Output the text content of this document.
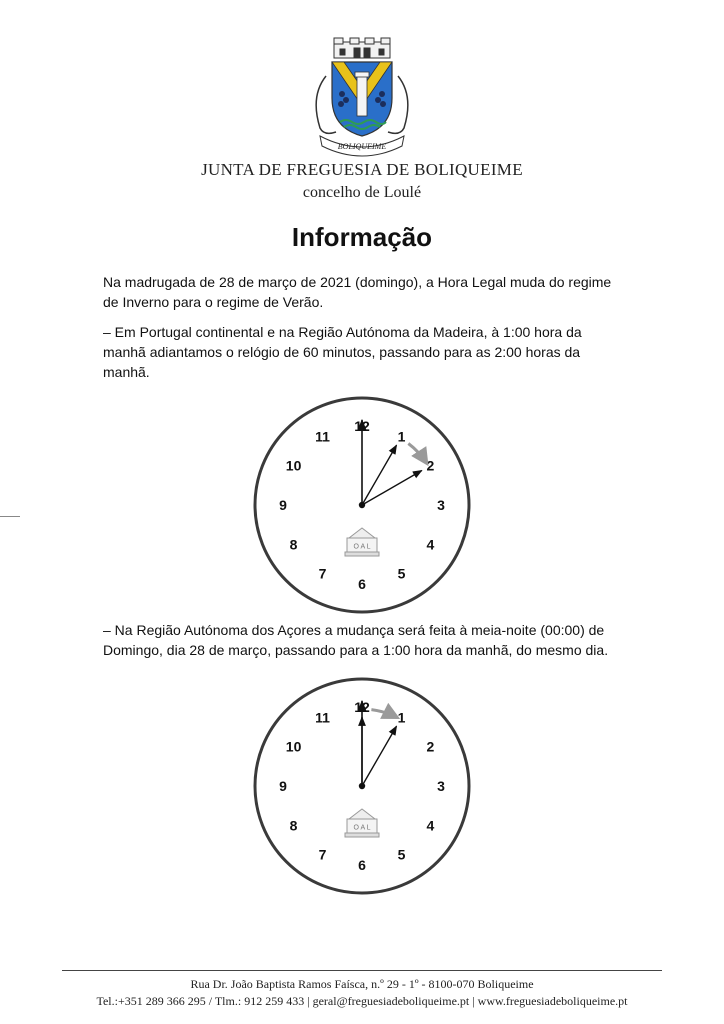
BOLIQUEIME
JUNTA DE FREGUESIA DE BOLIQUEIME
concelho de Loulé
Informação
Na madrugada de 28 de março de 2021 (domingo), a Hora Legal muda do regime
de Inverno para o regime de Verão.
– Em Portugal continental e na Região Autónoma da Madeira, à 1:00 hora da
manhã adiantamos o relógio de 60 minutos, passando para as 2:00 horas da
manhã.
12
1
2
3
4
5
6
7
8
9
10
11
O A L
– Na Região Autónoma dos Açores a mudança será feita à meia-noite (00:00) de
Domingo, dia 28 de março, passando para a 1:00 hora da manhã, do mesmo dia.
12
1
2
3
4
5
6
7
8
9
10
11
O A L
Rua Dr. João Baptista Ramos Faísca, n.º 29 - 1º - 8100-070 Boliqueime
Tel.:+351 289 366 295 / Tlm.: 912 259 433 | geral@freguesiadeboliqueime.pt | www.freguesiadeboliqueime.pt
